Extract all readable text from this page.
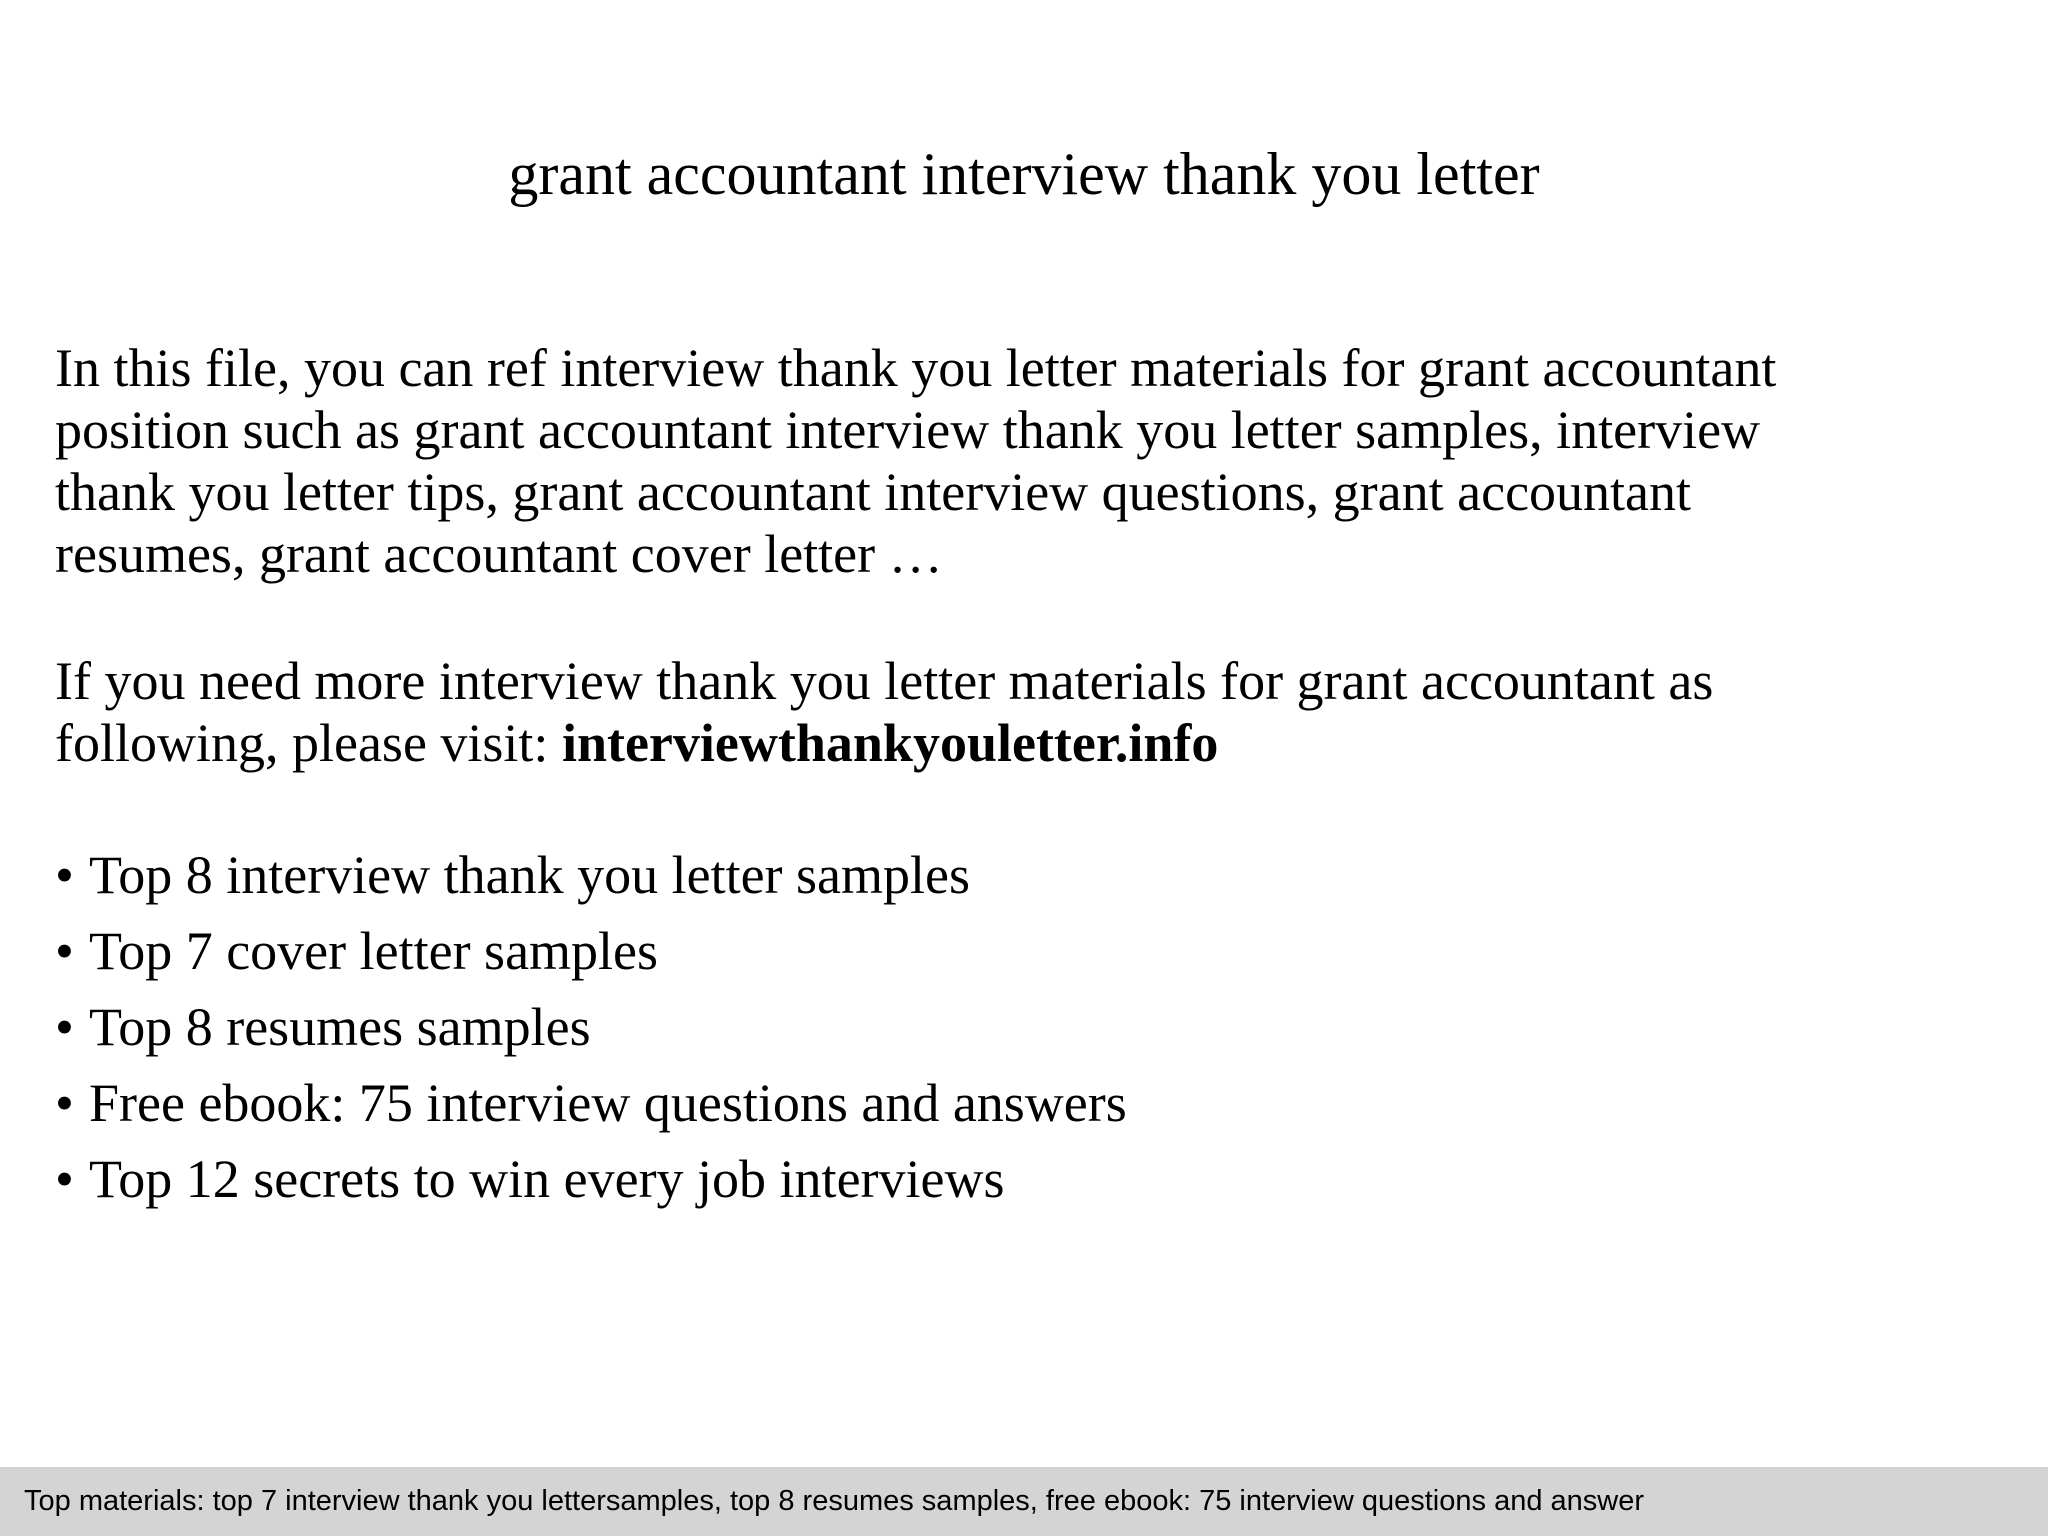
grant accountant interview thank you letter
In this file, you can ref interview thank you letter materials for grant accountant
position such as grant accountant interview thank you letter samples, interview
thank you letter tips, grant accountant interview questions, grant accountant
resumes, grant accountant cover letter …
If you need more interview thank you letter materials for grant accountant as
following, please visit: interviewthankyouletter.info
• Top 8 interview thank you letter samples
• Top 7 cover letter samples
• Top 8 resumes samples
• Free ebook: 75 interview questions and answers
• Top 12 secrets to win every job interviews
Top materials: top 7 interview thank you lettersamples, top 8 resumes samples, free ebook: 75 interview questions and answer
